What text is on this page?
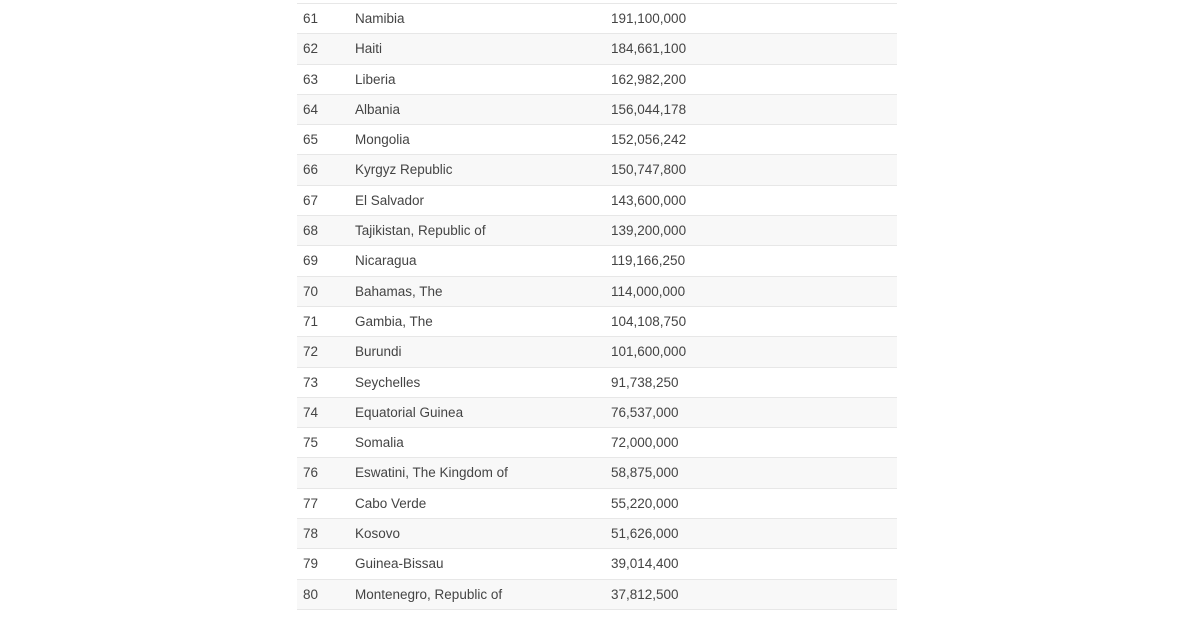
61	Namibia	191,100,000
62	Haiti	184,661,100
63	Liberia	162,982,200
64	Albania	156,044,178
65	Mongolia	152,056,242
66	Kyrgyz Republic	150,747,800
67	El Salvador	143,600,000
68	Tajikistan, Republic of	139,200,000
69	Nicaragua	119,166,250
70	Bahamas, The	114,000,000
71	Gambia, The	104,108,750
72	Burundi	101,600,000
73	Seychelles	91,738,250
74	Equatorial Guinea	76,537,000
75	Somalia	72,000,000
76	Eswatini, The Kingdom of	58,875,000
77	Cabo Verde	55,220,000
78	Kosovo	51,626,000
79	Guinea-Bissau	39,014,400
80	Montenegro, Republic of	37,812,500
